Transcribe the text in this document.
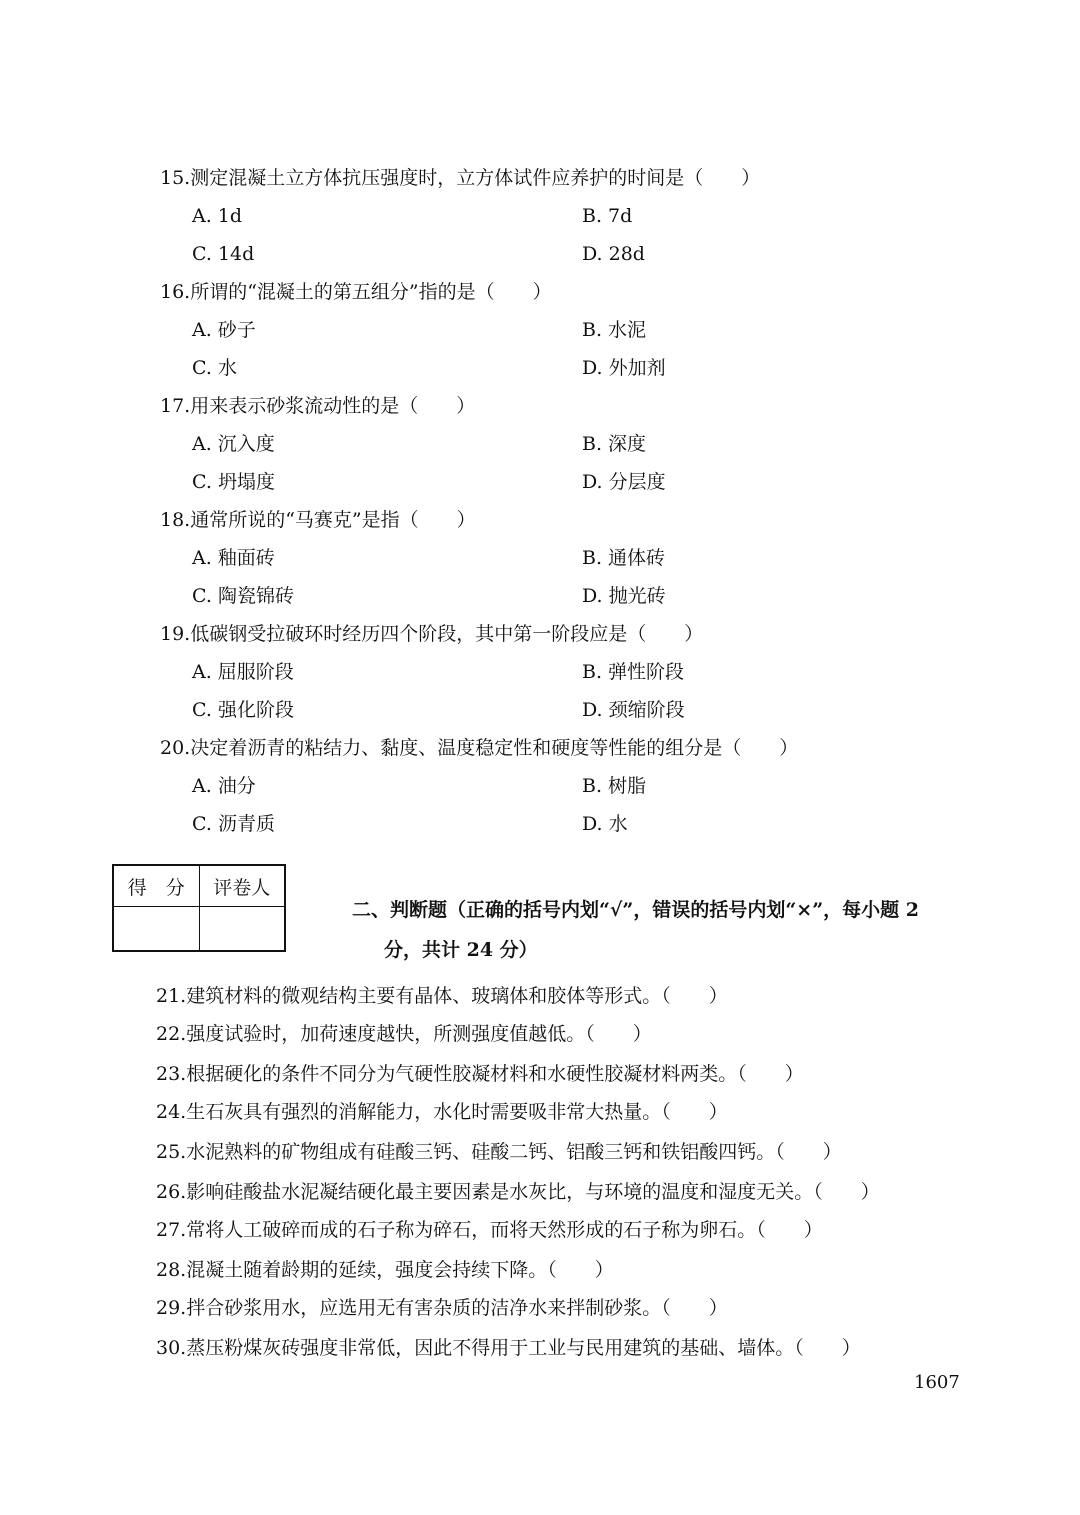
15.测定混凝土立方体抗压强度时，立方体试件应养护的时间是（　　）
A. 1d	B. 7d
C. 14d	D. 28d
16.所谓的“混凝土的第五组分”指的是（　　）
A. 砂子	B. 水泥
C. 水	D. 外加剂
17.用来表示砂浆流动性的是（　　）
A. 沉入度	B. 深度
C. 坍塌度	D. 分层度
18.通常所说的“马赛克”是指（　　）
A. 釉面砖	B. 通体砖
C. 陶瓷锦砖	D. 抛光砖
19.低碳钢受拉破环时经历四个阶段，其中第一阶段应是（　　）
A. 屈服阶段	B. 弹性阶段
C. 强化阶段	D. 颈缩阶段
20.决定着沥青的粘结力、黏度、温度稳定性和硬度等性能的组分是（　　）
A. 油分	B. 树脂
C. 沥青质	D. 水
得　分	评卷人

二、判断题（正确的括号内划“√”，错误的括号内划“×”，每小题 2
分，共计 24 分）
21.建筑材料的微观结构主要有晶体、玻璃体和胶体等形式。（　　）
22.强度试验时，加荷速度越快，所测强度值越低。（　　）
23.根据硬化的条件不同分为气硬性胶凝材料和水硬性胶凝材料两类。（　　）
24.生石灰具有强烈的消解能力，水化时需要吸非常大热量。（　　）
25.水泥熟料的矿物组成有硅酸三钙、硅酸二钙、铝酸三钙和铁铝酸四钙。（　　）
26.影响硅酸盐水泥凝结硬化最主要因素是水灰比，与环境的温度和湿度无关。（　　）
27.常将人工破碎而成的石子称为碎石，而将天然形成的石子称为卵石。（　　）
28.混凝土随着龄期的延续，强度会持续下降。（　　）
29.拌合砂浆用水，应选用无有害杂质的洁净水来拌制砂浆。（　　）
30.蒸压粉煤灰砖强度非常低，因此不得用于工业与民用建筑的基础、墙体。（　　）
1607
